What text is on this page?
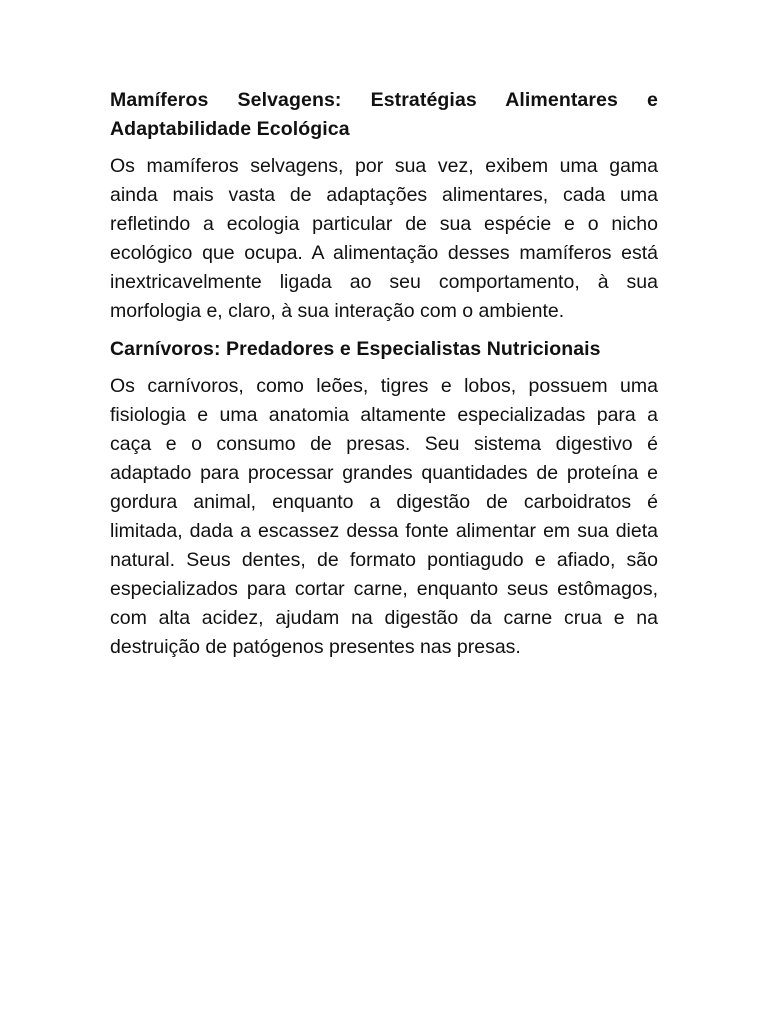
Mamíferos Selvagens: Estratégias Alimentares e Adaptabilidade Ecológica

Os mamíferos selvagens, por sua vez, exibem uma gama ainda mais vasta de adaptações alimentares, cada uma refletindo a ecologia particular de sua espécie e o nicho ecológico que ocupa. A alimentação desses mamíferos está inextricavelmente ligada ao seu comportamento, à sua morfologia e, claro, à sua interação com o ambiente.

Carnívoros: Predadores e Especialistas Nutricionais

Os carnívoros, como leões, tigres e lobos, possuem uma fisiologia e uma anatomia altamente especializadas para a caça e o consumo de presas. Seu sistema digestivo é adaptado para processar grandes quantidades de proteína e gordura animal, enquanto a digestão de carboidratos é limitada, dada a escassez dessa fonte alimentar em sua dieta natural. Seus dentes, de formato pontiagudo e afiado, são especializados para cortar carne, enquanto seus estômagos, com alta acidez, ajudam na digestão da carne crua e na destruição de patógenos presentes nas presas.
